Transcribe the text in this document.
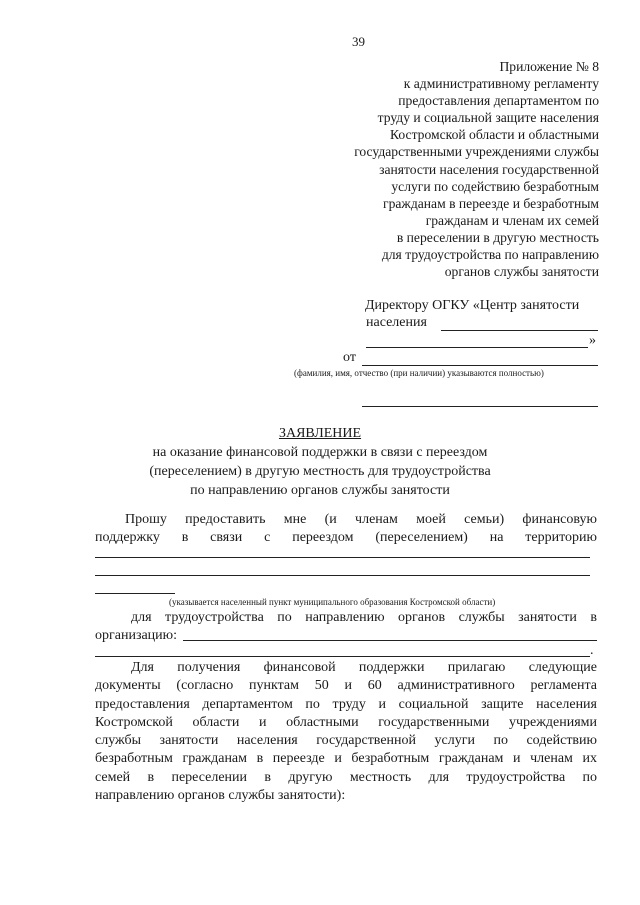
39
Приложение № 8
к административному регламенту
предоставления департаментом по
труду и социальной защите населения
Костромской области и областными
государственными учреждениями службы
занятости населения государственной
услуги по содействию безработным
гражданам в переезде и безработным
гражданам и членам их семей
в переселении в другую местность
для трудоустройства по направлению
органов службы занятости
Директору ОГКУ «Центр занятости
населения
»
от
(фамилия, имя, отчество (при наличии) указываются полностью)
ЗАЯВЛЕНИЕ
на оказание финансовой поддержки в связи с переездом
(переселением) в другую местность для трудоустройства
по направлению органов службы занятости
Прошу предоставить мне (и членам моей семьи) финансовую
поддержку в связи с переездом (переселением) на территорию
(указывается населенный пункт муниципального образования Костромской области)
для трудоустройства по направлению органов службы занятости в
организацию:
.
Для получения финансовой поддержки прилагаю следующие
документы (согласно пунктам 50 и 60 административного регламента
предоставления департаментом по труду и социальной защите населения
Костромской области и областными государственными учреждениями
службы занятости населения государственной услуги по содействию
безработным гражданам в переезде и безработным гражданам и членам их
семей в переселении в другую местность для трудоустройства по
направлению органов службы занятости):
